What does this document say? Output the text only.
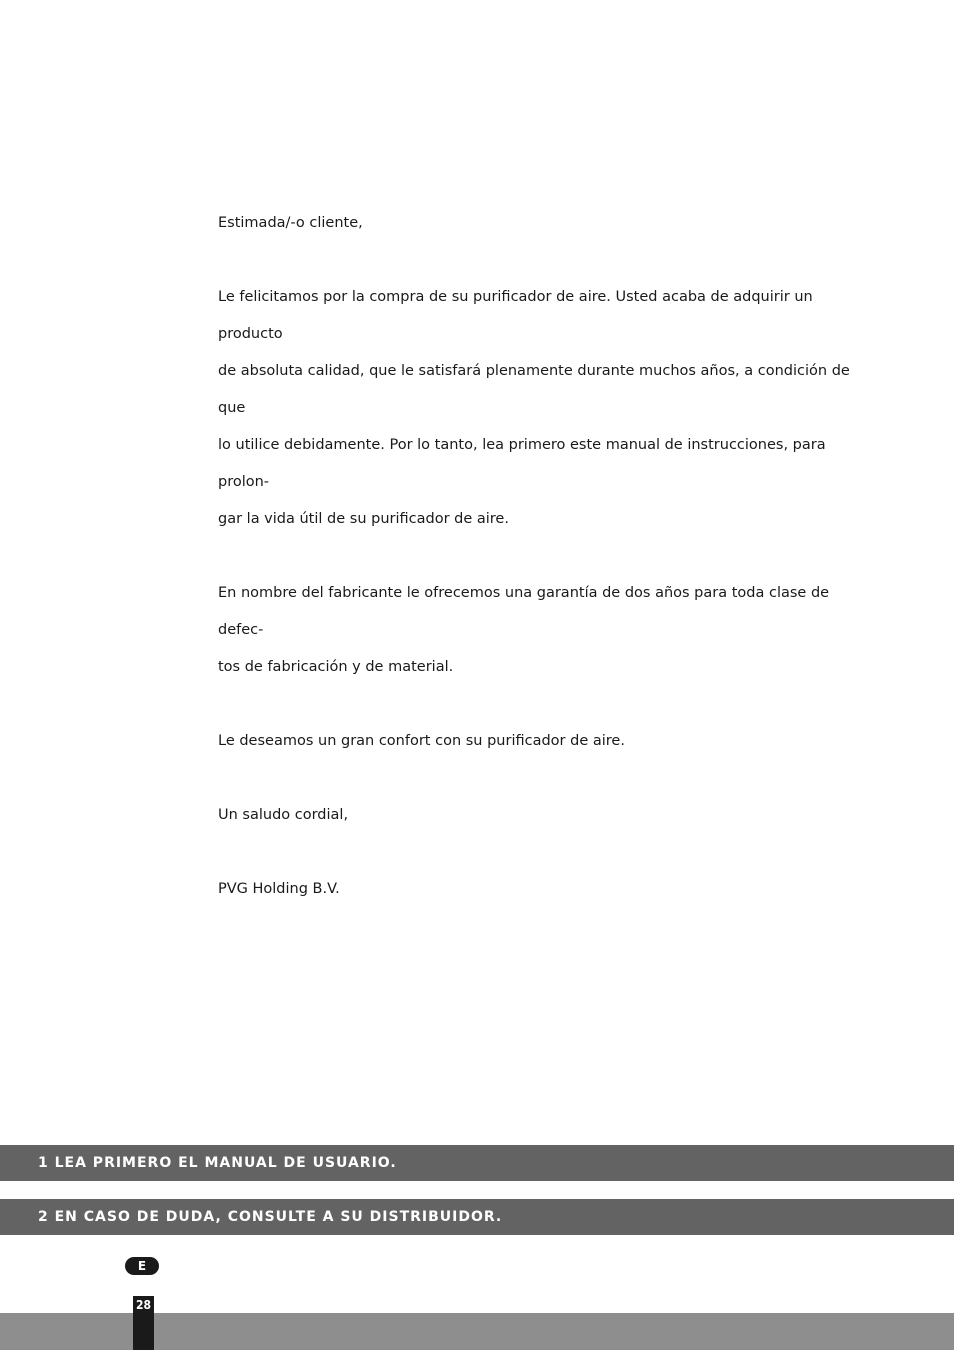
Estimada/-o cliente,

Le felicitamos por la compra de su purificador de aire. Usted acaba de adquirir un producto
de absoluta calidad, que le satisfará plenamente durante muchos años, a condición de que
lo utilice debidamente. Por lo tanto, lea primero este manual de instrucciones, para prolon-
gar la vida útil de su purificador de aire.

En nombre del fabricante le ofrecemos una garantía de dos años para toda clase de defec-
tos de fabricación y de material.

Le deseamos un gran confort con su purificador de aire.

Un saludo cordial,

PVG Holding B.V.

1 LEA PRIMERO EL MANUAL DE USUARIO.
2 EN CASO DE DUDA, CONSULTE A SU DISTRIBUIDOR.
E
28
